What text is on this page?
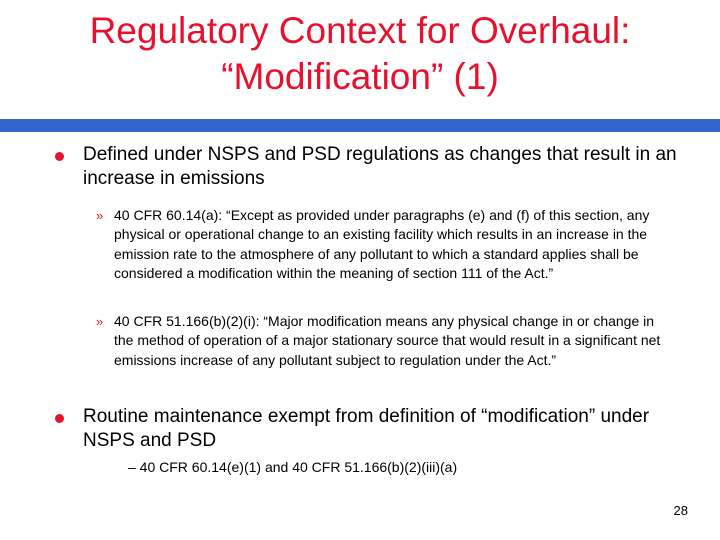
Regulatory Context for Overhaul:
“Modification” (1)
Defined under NSPS and PSD regulations as changes that result in an increase in emissions
» 40 CFR 60.14(a): “Except as provided under paragraphs (e) and (f) of this section, any physical or operational change to an existing facility which results in an increase in the emission rate to the atmosphere of any pollutant to which a standard applies shall be considered a modification within the meaning of section 111 of the Act.”
» 40 CFR 51.166(b)(2)(i): “Major modification means any physical change in or change in the method of operation of a major stationary source that would result in a significant net emissions increase of any pollutant subject to regulation under the Act.”
Routine maintenance exempt from definition of “modification” under NSPS and PSD
– 40 CFR 60.14(e)(1) and 40 CFR 51.166(b)(2)(iii)(a)
28
